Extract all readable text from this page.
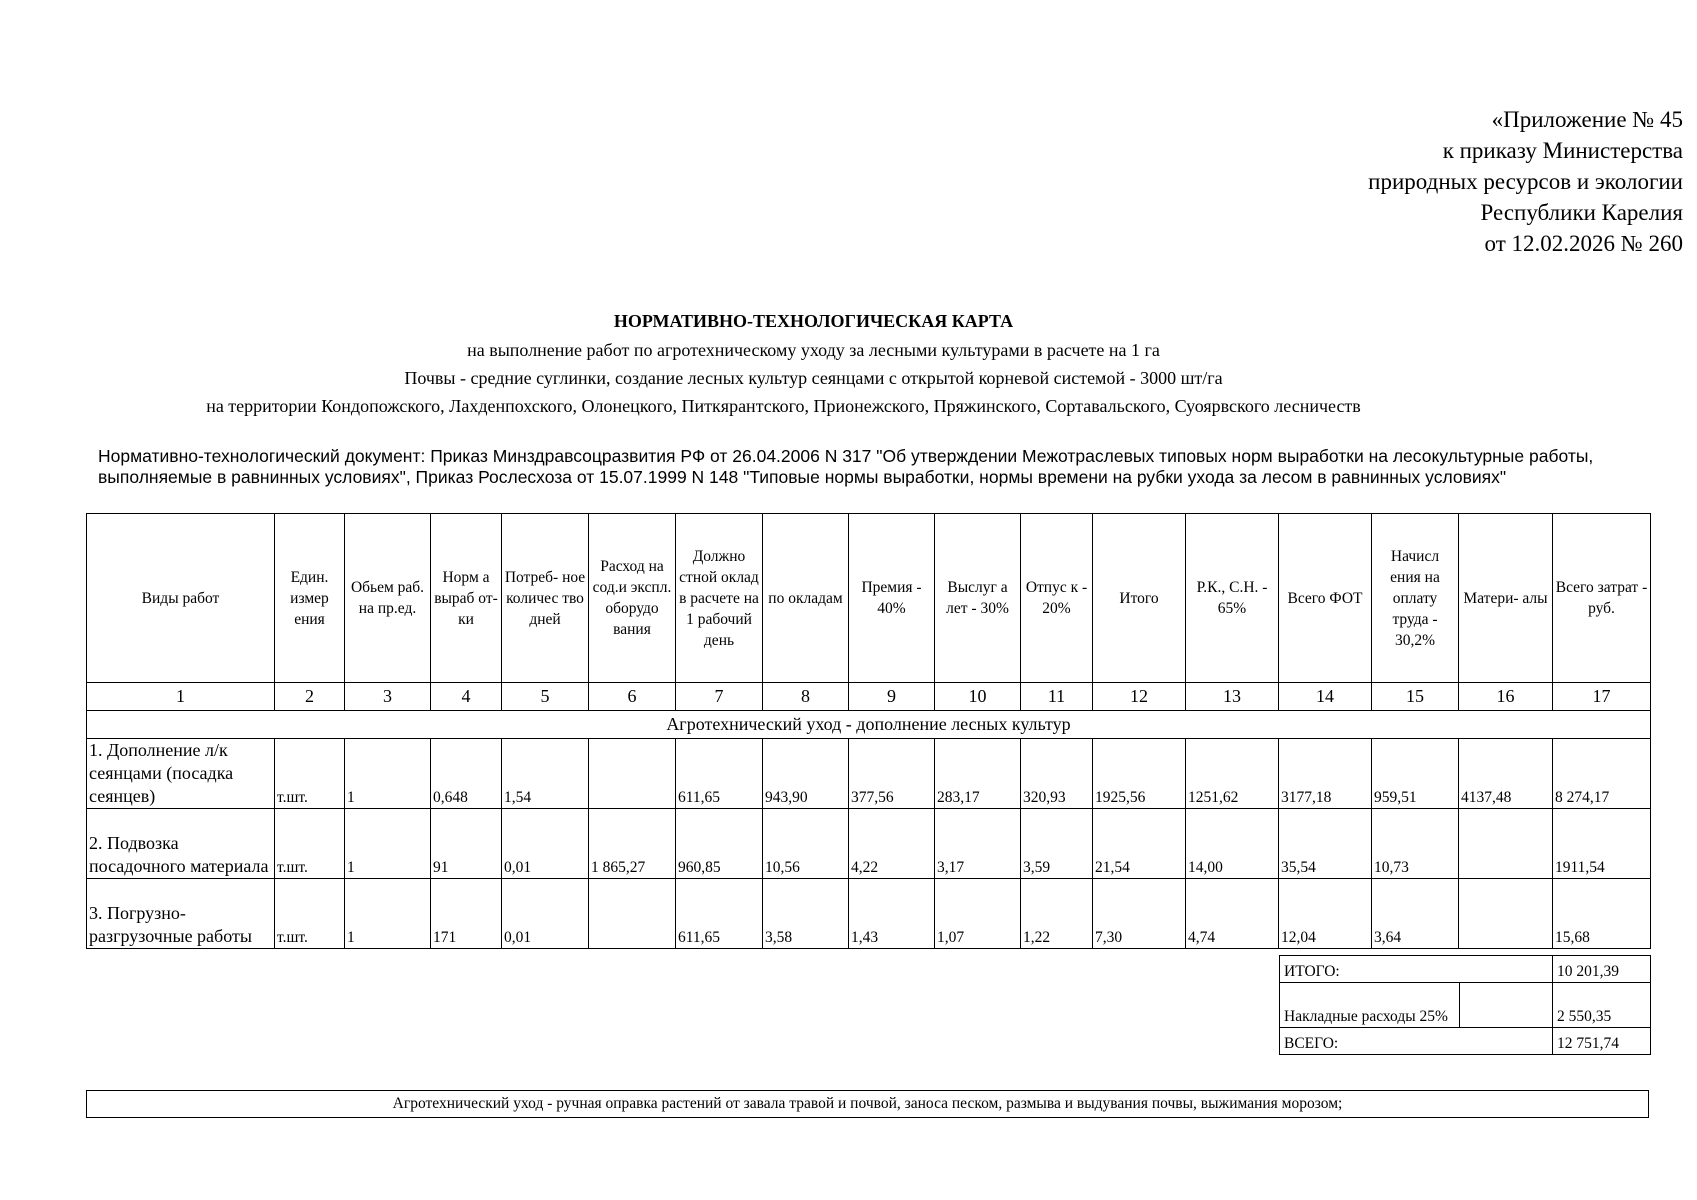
«Приложение № 45
к приказу Министерства
природных ресурсов и экологии
Республики Карелия
от 12.02.2026 № 260
НОРМАТИВНО-ТЕХНОЛОГИЧЕСКАЯ КАРТА
на выполнение работ по агротехническому уходу за лесными культурами в расчете на 1 га
Почвы - средние суглинки, создание лесных культур сеянцами с открытой корневой системой - 3000 шт/га
на территории Кондопожского, Лахденпохского, Олонецкого, Питкярантского, Прионежского, Пряжинского, Сортавальского, Суоярвского лесничеств
Нормативно-технологический документ: Приказ Минздравсоцразвития РФ от 26.04.2006 N 317 "Об утверждении Межотраслевых типовых норм выработки на лесокультурные работы, выполняемые в равнинных условиях", Приказ Рослесхоза от 15.07.1999 N 148 "Типовые нормы выработки, нормы времени на рубки ухода за лесом в равнинных условиях"
Виды работ	Един. измер ения	Обьем раб. на пр.ед.	Норм а выраб от-ки	Потреб- ное количес тво дней	Расход на сод.и экспл. оборудо вания	Должно стной оклад в расчете на 1 рабочий день	по окладам	Премия - 40%	Выслуг а лет - 30%	Отпус к - 20%	Итого	Р.К., С.Н. - 65%	Всего ФОТ	Начисл ения на оплату труда - 30,2%	Матери- алы	Всего затрат - руб.
1	2	3	4	5	6	7	8	9	10	11	12	13	14	15	16	17
Агротехнический уход - дополнение лесных культур																
1. Дополнение л/к сеянцами (посадка сеянцев)	т.шт.	1	0,648	1,54		611,65	943,90	377,56	283,17	320,93	1925,56	1251,62	3177,18	959,51	4137,48	8 274,17
2. Подвозка посадочного материала	т.шт.	1	91	0,01	1 865,27	960,85	10,56	4,22	3,17	3,59	21,54	14,00	35,54	10,73		1911,54
3. Погрузно-разгрузочные работы	т.шт.	1	171	0,01		611,65	3,58	1,43	1,07	1,22	7,30	4,74	12,04	3,64		15,68
ИТОГО:		10 201,39
Накладные расходы 25%		2 550,35
ВСЕГО:		12 751,74
Агротехнический уход - ручная оправка растений от завала травой и почвой, заноса песком, размыва и выдувания почвы, выжимания морозом;
